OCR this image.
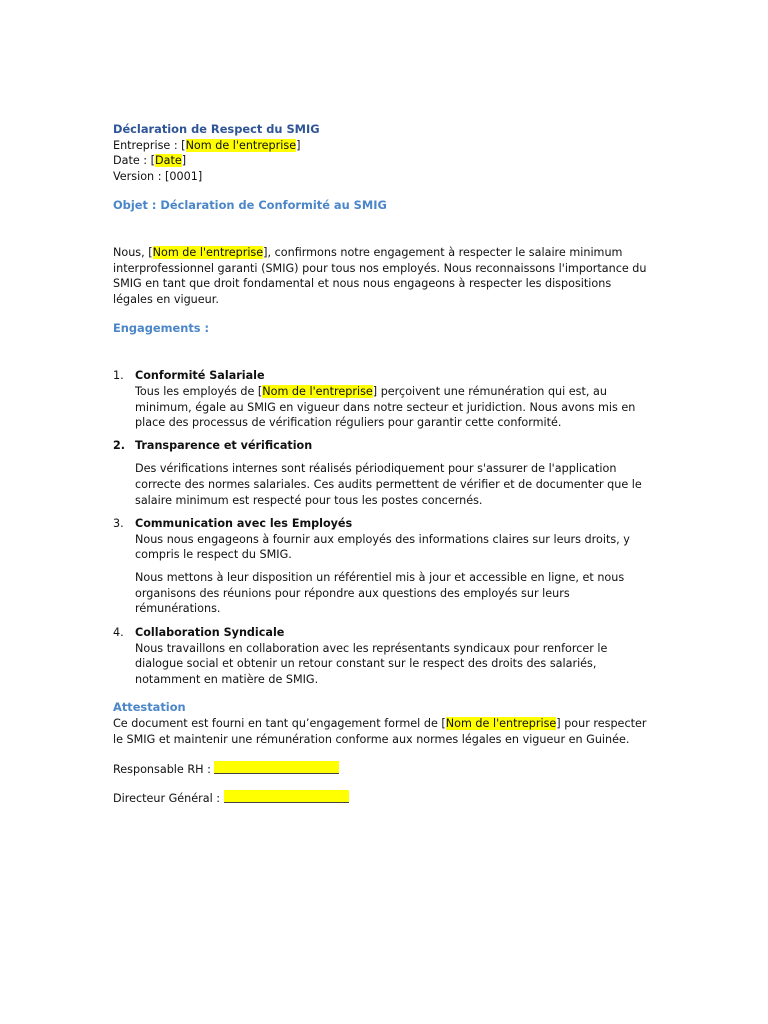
Déclaration de Respect du SMIG
Entreprise : [Nom de l'entreprise]
Date : [Date]
Version : [0001]
Objet : Déclaration de Conformité au SMIG
Nous, [Nom de l'entreprise], confirmons notre engagement à respecter le salaire minimum
interprofessionnel garanti (SMIG) pour tous nos employés. Nous reconnaissons l'importance du
SMIG en tant que droit fondamental et nous nous engageons à respecter les dispositions
légales en vigueur.
Engagements :
1. Conformité Salariale
Tous les employés de [Nom de l'entreprise] perçoivent une rémunération qui est, au
minimum, égale au SMIG en vigueur dans notre secteur et juridiction. Nous avons mis en
place des processus de vérification réguliers pour garantir cette conformité.
2. Transparence et vérification
Des vérifications internes sont réalisés périodiquement pour s'assurer de l'application
correcte des normes salariales. Ces audits permettent de vérifier et de documenter que le
salaire minimum est respecté pour tous les postes concernés.
3. Communication avec les Employés
Nous nous engageons à fournir aux employés des informations claires sur leurs droits, y
compris le respect du SMIG.
Nous mettons à leur disposition un référentiel mis à jour et accessible en ligne, et nous
organisons des réunions pour répondre aux questions des employés sur leurs
rémunérations.
4. Collaboration Syndicale
Nous travaillons en collaboration avec les représentants syndicaux pour renforcer le
dialogue social et obtenir un retour constant sur le respect des droits des salariés,
notamment en matière de SMIG.
Attestation
Ce document est fourni en tant qu’engagement formel de [Nom de l'entreprise] pour respecter
le SMIG et maintenir une rémunération conforme aux normes légales en vigueur en Guinée.
Responsable RH :
Directeur Général :
